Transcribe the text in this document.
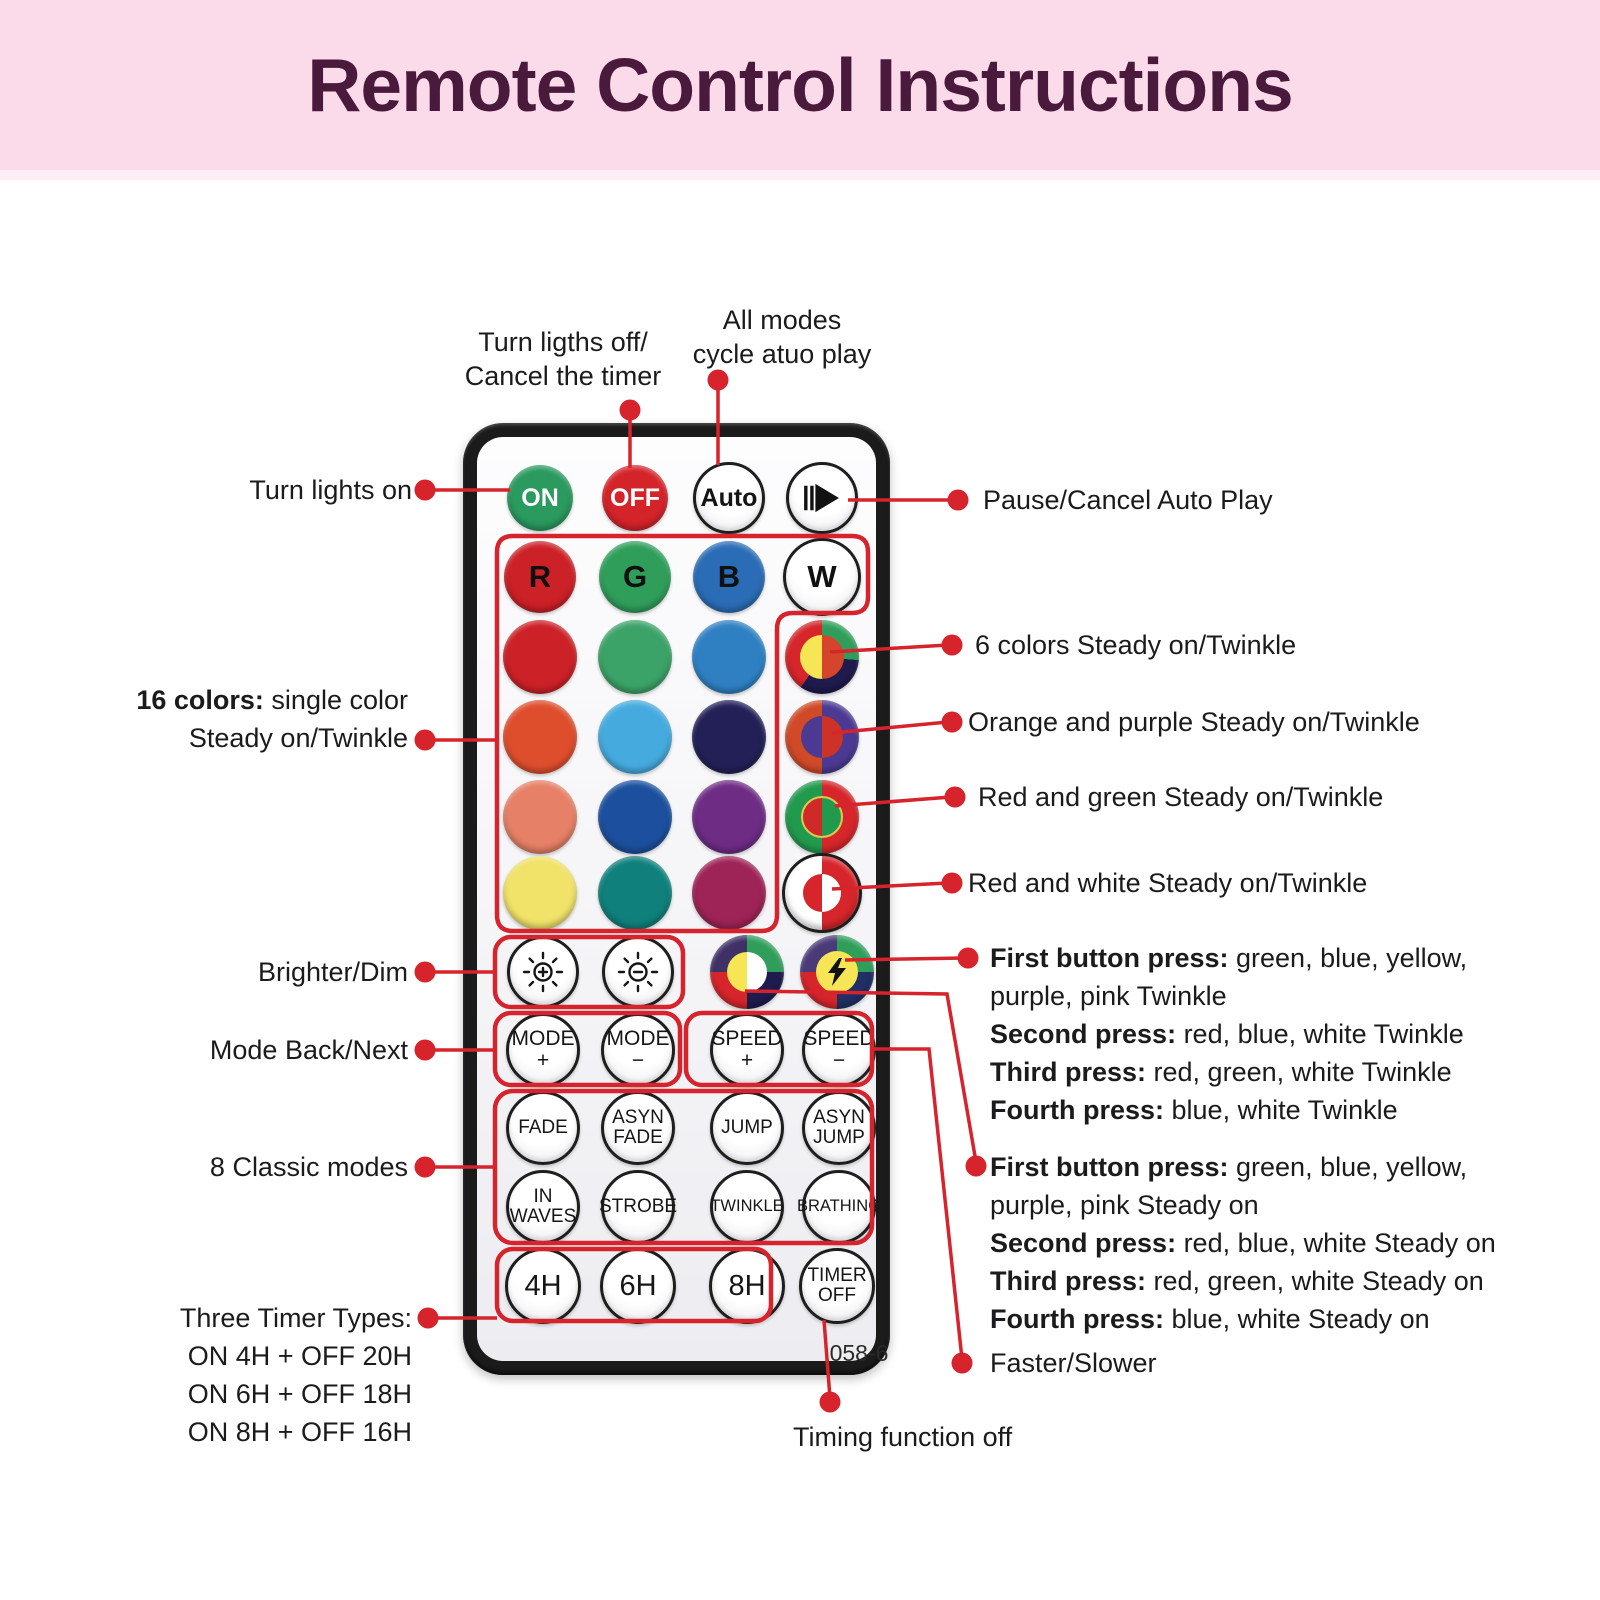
Remote Control Instructions
ON OFF Auto
R G B W
MODE
+
MODE
−
SPEED
+
SPEED
−
FADE ASYN
FADE	JUMP ASYN
JUMP
IN
WAVES STROBE TWINKLE BRATHING
4H 6H 8H TIMER
OFF
058-6
Turn ligths off/
Cancel the timer
All modes
cycle atuo play
Turn lights on
16 colors: single color
Steady on/Twinkle
Brighter/Dim
Mode Back/Next
8 Classic modes
Three Timer Types:
ON 4H + OFF 20H
ON 6H + OFF 18H
ON 8H + OFF 16H
Pause/Cancel Auto Play
6 colors Steady on/Twinkle
Orange and purple Steady on/Twinkle
Red and green Steady on/Twinkle
Red and white Steady on/Twinkle
First button press: green, blue, yellow,
purple, pink Twinkle
Second press: red, blue, white Twinkle
Third press: red, green, white Twinkle
Fourth press: blue, white Twinkle
First button press: green, blue, yellow,
purple, pink Steady on
Second press: red, blue, white Steady on
Third press: red, green, white Steady on
Fourth press: blue, white Steady on
Faster/Slower
Timing function off
